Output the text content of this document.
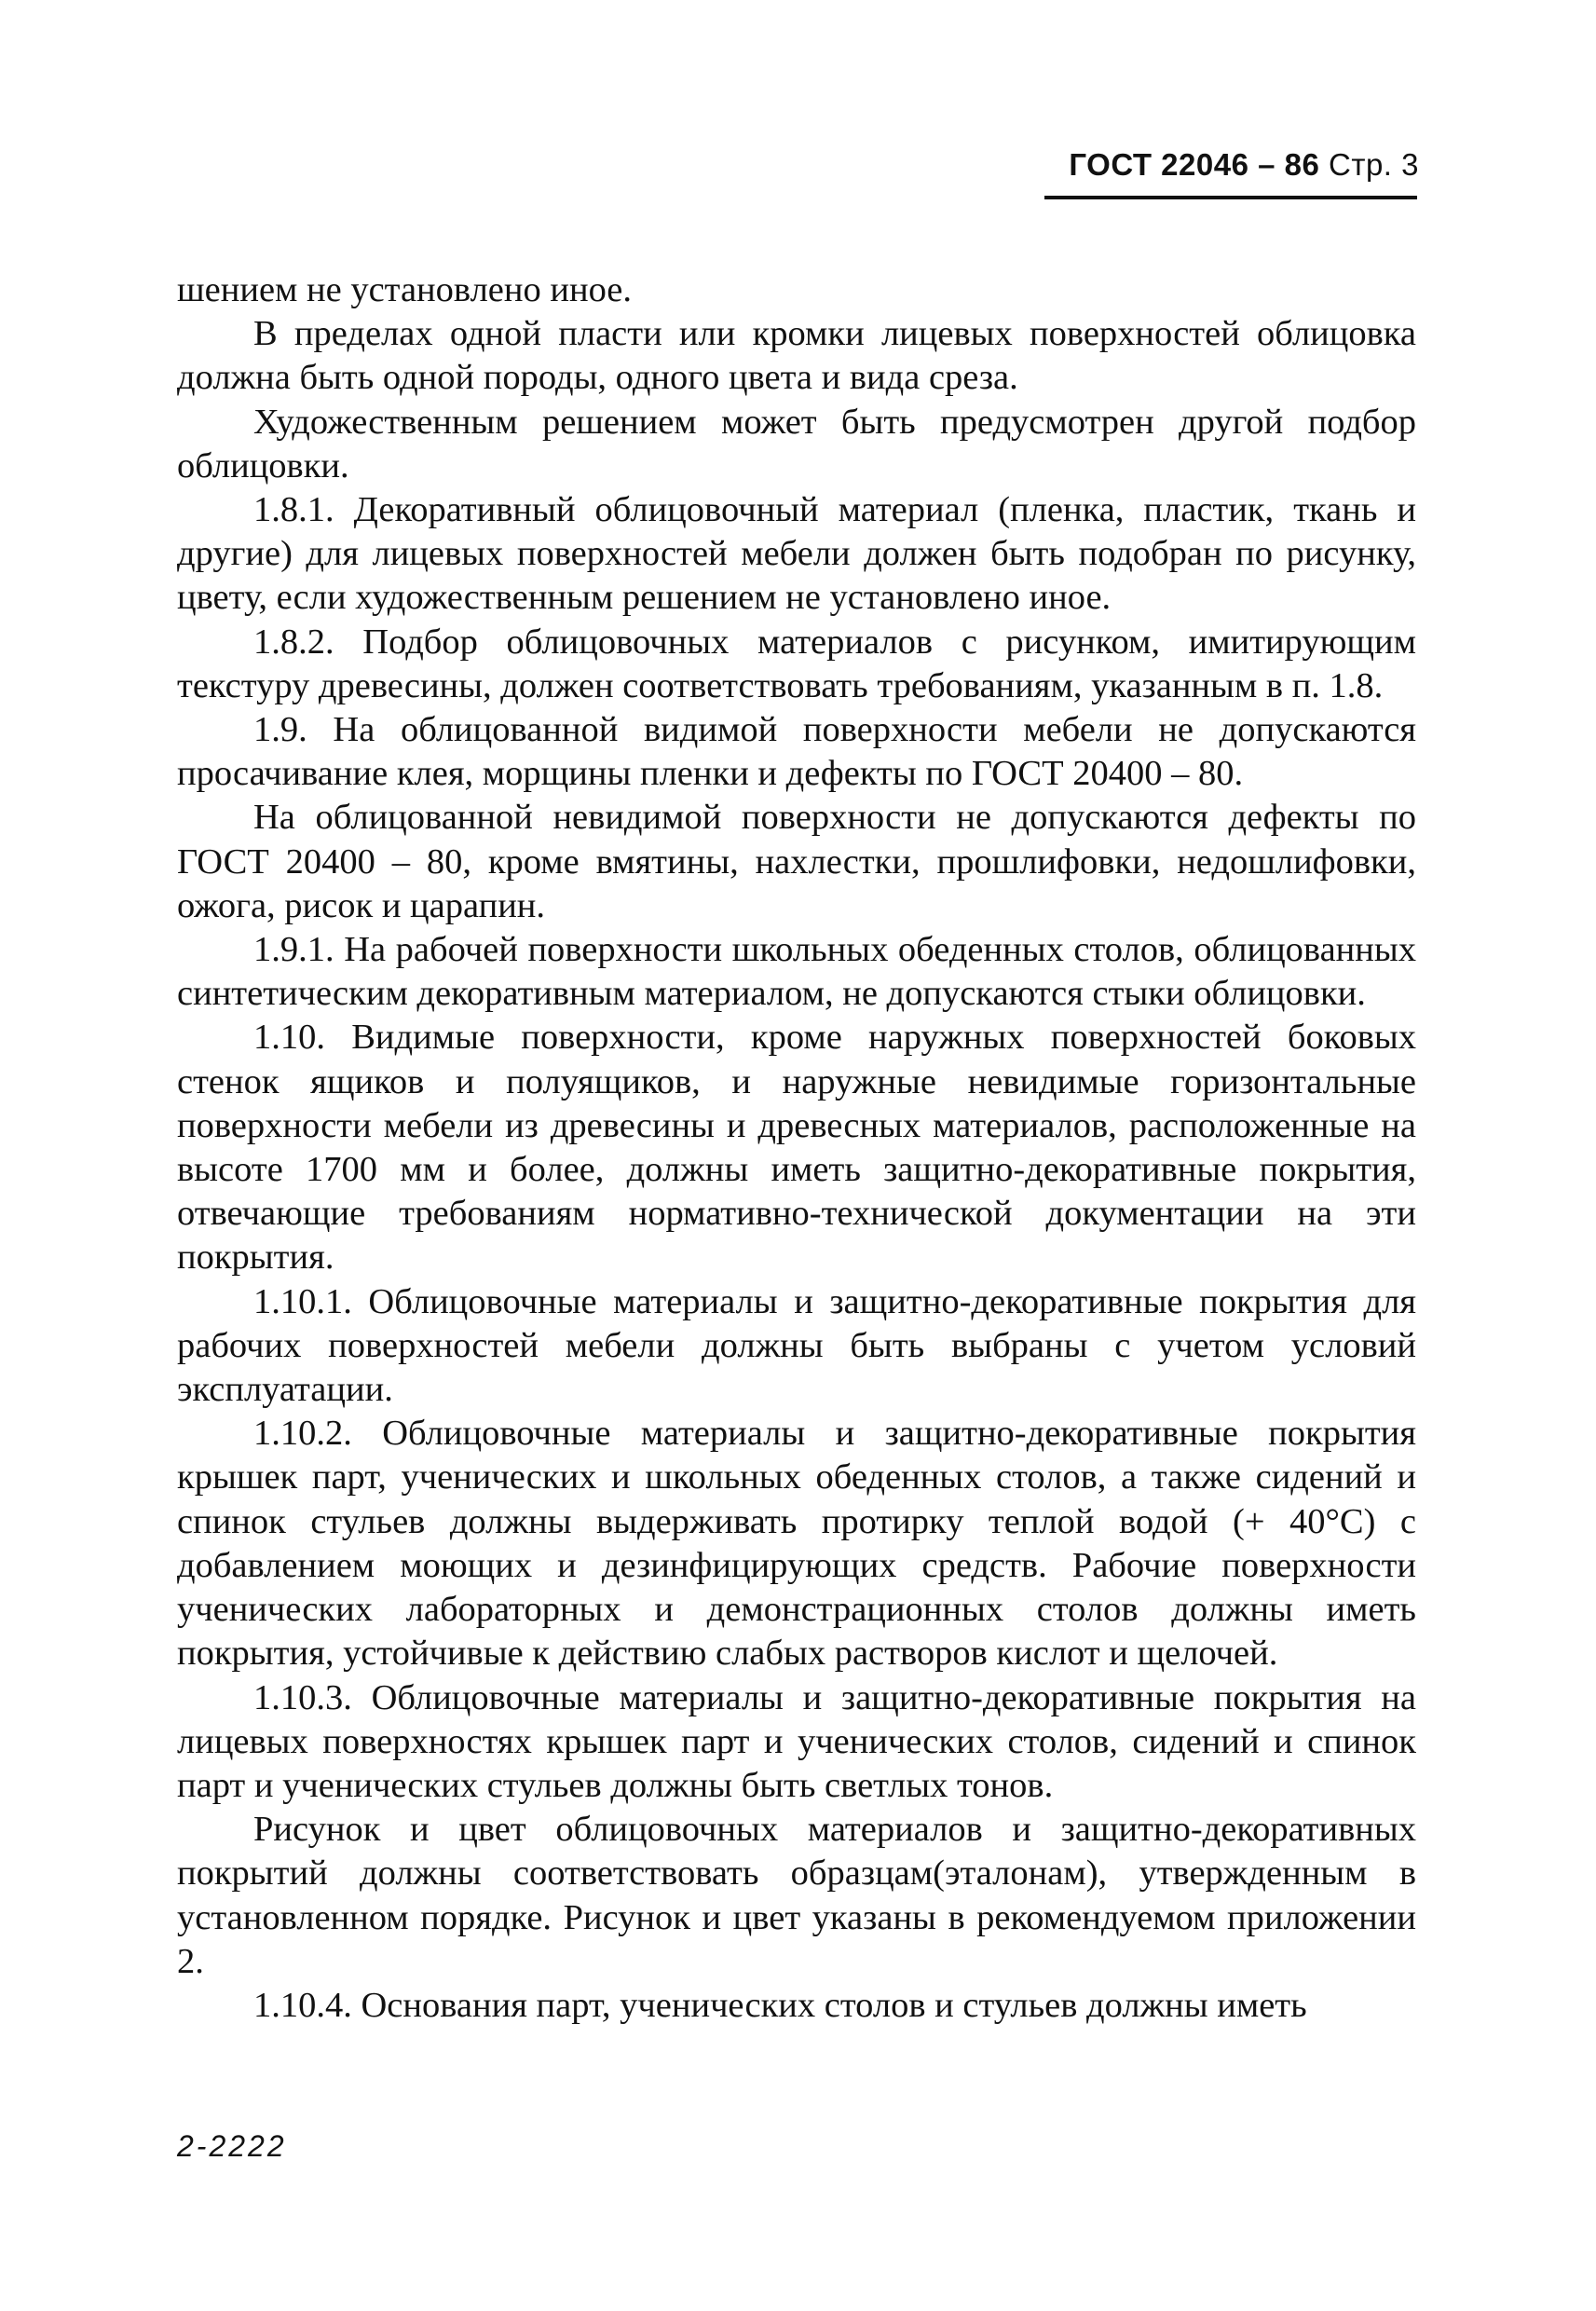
ГОСТ 22046 – 86 Стр. 3

шением не установлено иное.

В пределах одной пласти или кромки лицевых поверхностей облицовка должна быть одной породы, одного цвета и вида среза.

Художественным решением может быть предусмотрен другой подбор облицовки.

1.8.1. Декоративный облицовочный материал (пленка, пластик, ткань и другие) для лицевых поверхностей мебели должен быть подобран по рисунку, цвету, если художественным решением не установлено иное.

1.8.2. Подбор облицовочных материалов с рисунком, имитирующим текстуру древесины, должен соответствовать требованиям, указанным в п. 1.8.

1.9. На облицованной видимой поверхности мебели не допускаются просачивание клея, морщины пленки и дефекты по ГОСТ 20400 – 80.

На облицованной невидимой поверхности не допускаются дефекты по ГОСТ 20400 – 80, кроме вмятины, нахлестки, прошлифовки, недошлифовки, ожога, рисок и царапин.

1.9.1. На рабочей поверхности школьных обеденных столов, облицованных синтетическим декоративным материалом, не допускаются стыки облицовки.

1.10. Видимые поверхности, кроме наружных поверхностей боковых стенок ящиков и полуящиков, и наружные невидимые горизонтальные поверхности мебели из древесины и древесных материалов, расположенные на высоте 1700 мм и более, должны иметь защитно-декоративные покрытия, отвечающие требованиям нормативно-технической документации на эти покрытия.

1.10.1. Облицовочные материалы и защитно-декоративные покрытия для рабочих поверхностей мебели должны быть выбраны с учетом условий эксплуатации.

1.10.2. Облицовочные материалы и защитно-декоративные покрытия крышек парт, ученических и школьных обеденных столов, а также сидений и спинок стульев должны выдерживать протирку теплой водой (+ 40°С) с добавлением моющих и дезинфицирующих средств. Рабочие поверхности ученических лабораторных и демонстрационных столов должны иметь покрытия, устойчивые к действию слабых растворов кислот и щелочей.

1.10.3. Облицовочные материалы и защитно-декоративные покрытия на лицевых поверхностях крышек парт и ученических столов, сидений и спинок парт и ученических стульев должны быть светлых тонов.

Рисунок и цвет облицовочных материалов и защитно-декоративных покрытий должны соответствовать образцам(эталонам), утвержденным в установленном порядке. Рисунок и цвет указаны в рекомендуемом приложении 2.

1.10.4. Основания парт, ученических столов и стульев должны иметь

2-2222
